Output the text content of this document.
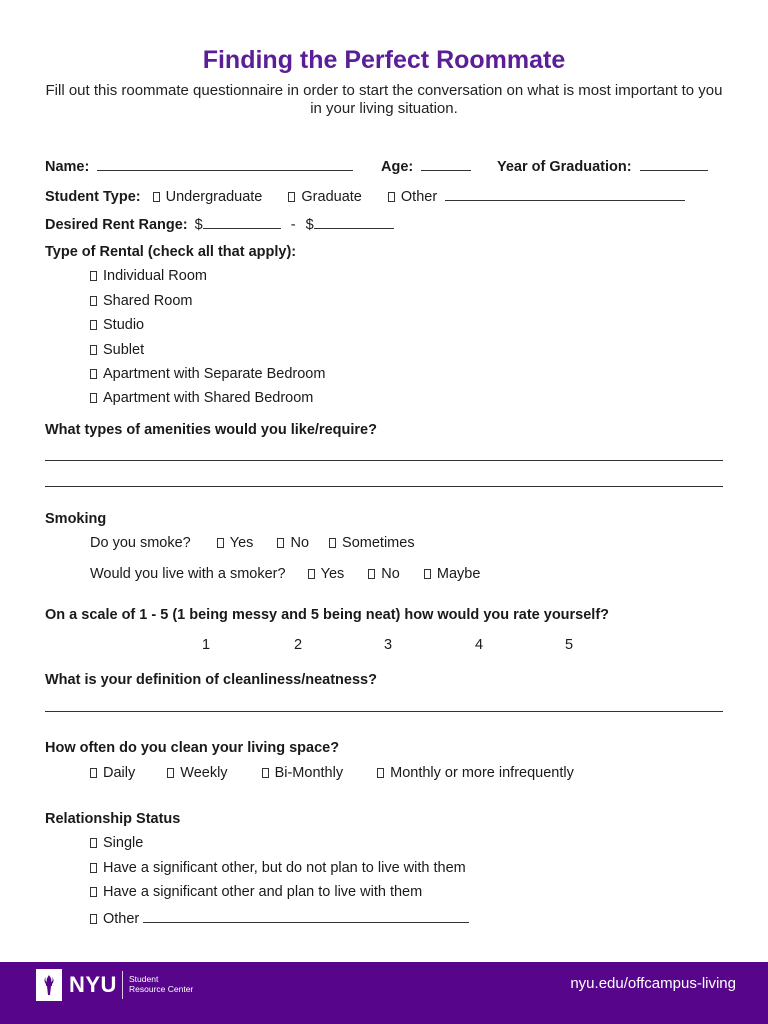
Finding the Perfect Roommate
Fill out this roommate questionnaire in order to start the conversation on what is most important to you in your living situation.
Name:	Age:	Year of Graduation:
Student Type: Undergraduate	Graduate	Other
Desired Rent Range: $	- $
Type of Rental (check all that apply):
Individual Room
Shared Room
Studio
Sublet
Apartment with Separate Bedroom
Apartment with Shared Bedroom
What types of amenities would you like/require?
Smoking
Do you smoke?	Yes	No Sometimes
Would you live with a smoker? Yes	No	Maybe
On a scale of 1 - 5 (1 being messy and 5 being neat) how would you rate yourself?
1	2	3	4	5
What is your definition of cleanliness/neatness?
How often do you clean your living space?
Daily	Weekly	Bi-Monthly	Monthly or more infrequently
Relationship Status
Single
Have a significant other, but do not plan to live with them
Have a significant other and plan to live with them
Other
NYU Student
Resource Center	nyu.edu/offcampus-living
